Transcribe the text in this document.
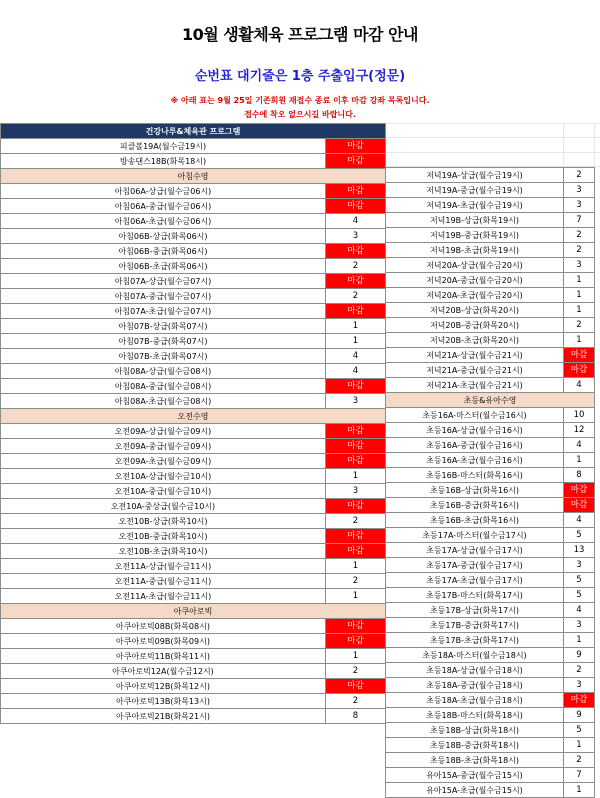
10월 생활체육 프로그램 마감 안내
순번표 대기줄은 1층 주출입구(정문)
※ 아래 표는 9월 25일 기존회원 재접수 종료 이후 마감 강좌 목록입니다.
접수에 착오 없으시길 바랍니다.
건강나루&체육관 프로그램	
피클볼19A(월수금19시)	마감
방송댄스18B(화목18시)	마감
아침수영	
아침06A-상급(월수금06시)	마감
아침06A-중급(월수금06시)	마감
아침06A-초급(월수금06시)	4
아침06B-상급(화목06시)	3
아침06B-중급(화목06시)	마감
아침06B-초급(화목06시)	2
아침07A-상급(월수금07시)	마감
아침07A-중급(월수금07시)	2
아침07A-초급(월수금07시)	마감
아침07B-상급(화목07시)	1
아침07B-중급(화목07시)	1
아침07B-초급(화목07시)	4
아침08A-상급(월수금08시)	4
아침08A-중급(월수금08시)	마감
아침08A-초급(월수금08시)	3
오전수영	
오전09A-상급(월수금09시)	마감
오전09A-중급(월수금09시)	마감
오전09A-초급(월수금09시)	마감
오전10A-상급(월수금10시)	1
오전10A-중급(월수금10시)	3
오전10A-중상급(월수금10시)	마감
오전10B-상급(화목10시)	2
오전10B-중급(화목10시)	마감
오전10B-초급(화목10시)	마감
오전11A-상급(월수금11시)	1
오전11A-중급(월수금11시)	2
오전11A-초급(월수금11시)	1
아쿠아로빅	
아쿠아로빅08B(화목08시)	마감
아쿠아로빅09B(화목09시)	마감
아쿠아로빅11B(화목11시)	1
아쿠아로빅12A(월수금12시)	2
아쿠아로빅12B(화목12시)	마감
아쿠아로빅13B(화목13시)	2
아쿠아로빅21B(화목21시)	8
저녁19A-상급(월수금19시)	2
저녁19A-중급(월수금19시)	3
저녁19A-초급(월수금19시)	3
저녁19B-상급(화목19시)	7
저녁19B-중급(화목19시)	2
저녁19B-초급(화목19시)	2
저녁20A-상급(월수금20시)	3
저녁20A-중급(월수금20시)	1
저녁20A-초급(월수금20시)	1
저녁20B-상급(화목20시)	1
저녁20B-중급(화목20시)	2
저녁20B-초급(화목20시)	1
저녁21A-상급(월수금21시)	마감
저녁21A-중급(월수금21시)	마감
저녁21A-초급(월수금21시)	4
초등&유아수영	
초등16A-마스터(월수금16시)	10
초등16A-상급(월수금16시)	12
초등16A-중급(월수금16시)	4
초등16A-초급(월수금16시)	1
초등16B-마스터(화목16시)	8
초등16B-상급(화목16시)	마감
초등16B-중급(화목16시)	마감
초등16B-초급(화목16시)	4
초등17A-마스터(월수금17시)	5
초등17A-상급(월수금17시)	13
초등17A-중급(월수금17시)	3
초등17A-초급(월수금17시)	5
초등17B-마스터(화목17시)	5
초등17B-상급(화목17시)	4
초등17B-중급(화목17시)	3
초등17B-초급(화목17시)	1
초등18A-마스터(월수금18시)	9
초등18A-상급(월수금18시)	2
초등18A-중급(월수금18시)	3
초등18A-초급(월수금18시)	마감
초등18B-마스터(화목18시)	9
초등18B-상급(화목18시)	5
초등18B-중급(화목18시)	1
초등18B-초급(화목18시)	2
유아15A-중급(월수금15시)	7
유아15A-초급(월수금15시)	1
